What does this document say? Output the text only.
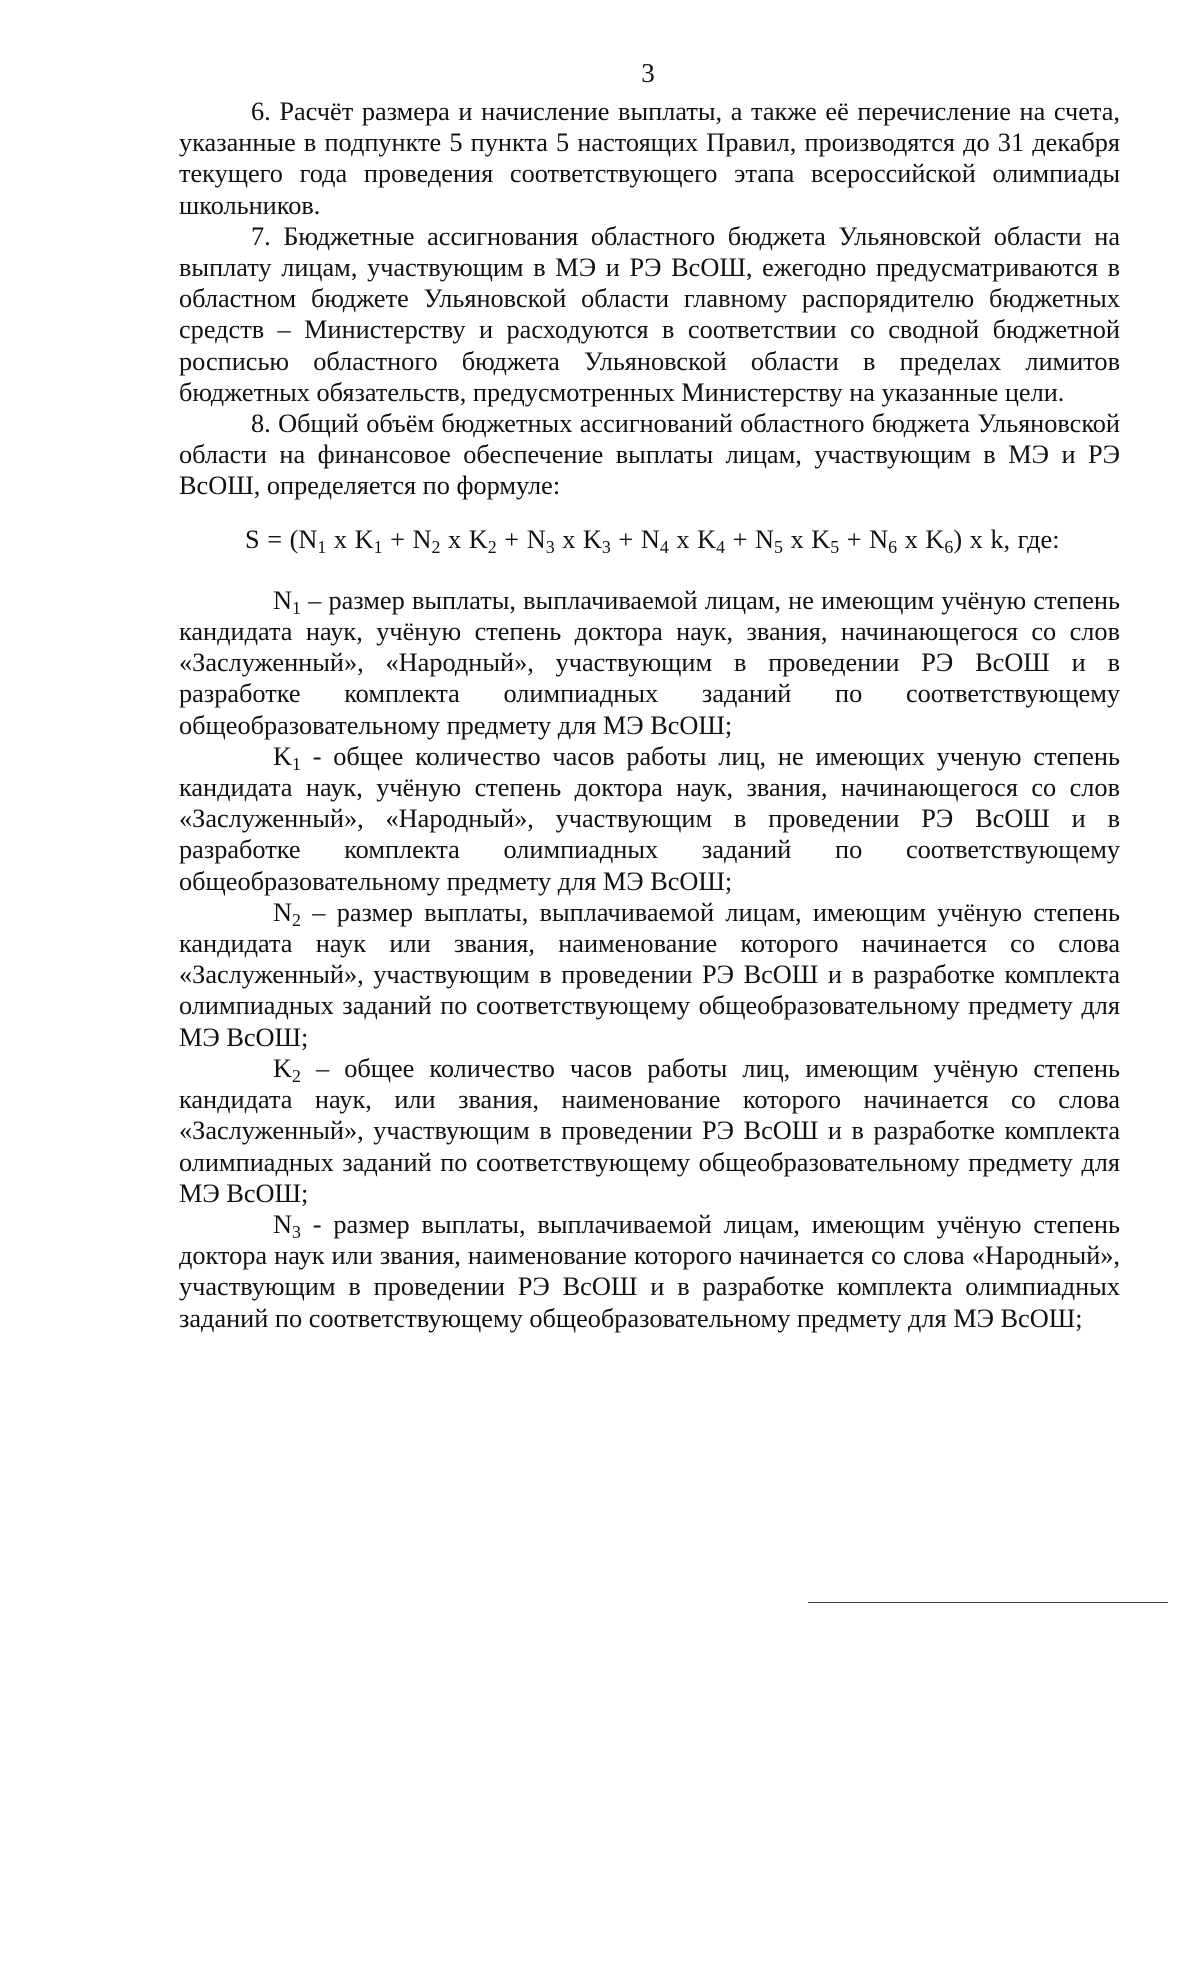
3

6. Расчёт размера и начисление выплаты, а также её перечисление на счета, указанные в подпункте 5 пункта 5 настоящих Правил, производятся до 31 декабря текущего года проведения соответствующего этапа всероссийской олимпиады школьников.

7. Бюджетные ассигнования областного бюджета Ульяновской области на выплату лицам, участвующим в МЭ и РЭ ВсОШ, ежегодно предусматриваются в областном бюджете Ульяновской области главному распорядителю бюджетных средств – Министерству и расходуются в соответствии со сводной бюджетной росписью областного бюджета Ульяновской области в пределах лимитов бюджетных обязательств, предусмотренных Министерству на указанные цели.

8. Общий объём бюджетных ассигнований областного бюджета Ульяновской области на финансовое обеспечение выплаты лицам, участвующим в МЭ и РЭ ВсОШ, определяется по формуле:

$S = (N_1$ x $K_1 + N_2$ x $K_2 + N_3$ x $K_3 + N_4$ x $K_4 + N_5$ x $K_5 + N_6$ x $K_6$) x k, где:

$N_1$ – размер выплаты, выплачиваемой лицам, не имеющим учёную степень кандидата наук, учёную степень доктора наук, звания, начинающегося со слов «Заслуженный», «Народный», участвующим в проведении РЭ ВсОШ и в разработке комплекта олимпиадных заданий по соответствующему общеобразовательному предмету для МЭ ВсОШ;

$K_1$ - общее количество часов работы лиц, не имеющих ученую степень кандидата наук, учёную степень доктора наук, звания, начинающегося со слов «Заслуженный», «Народный», участвующим в проведении РЭ ВсОШ и в разработке комплекта олимпиадных заданий по соответствующему общеобразовательному предмету для МЭ ВсОШ;

$N_2$ – размер выплаты, выплачиваемой лицам, имеющим учёную степень кандидата наук или звания, наименование которого начинается со слова «Заслуженный», участвующим в проведении РЭ ВсОШ и в разработке комплекта олимпиадных заданий по соответствующему общеобразовательному предмету для МЭ ВсОШ;

$K_2$ – общее количество часов работы лиц, имеющим учёную степень кандидата наук, или звания, наименование которого начинается со слова «Заслуженный», участвующим в проведении РЭ ВсОШ и в разработке комплекта олимпиадных заданий по соответствующему общеобразовательному предмету для МЭ ВсОШ;

$N_3$ - размер выплаты, выплачиваемой лицам, имеющим учёную степень доктора наук или звания, наименование которого начинается со слова «Народный», участвующим в проведении РЭ ВсОШ и в разработке комплекта олимпиадных заданий по соответствующему общеобразовательному предмету для МЭ ВсОШ;
